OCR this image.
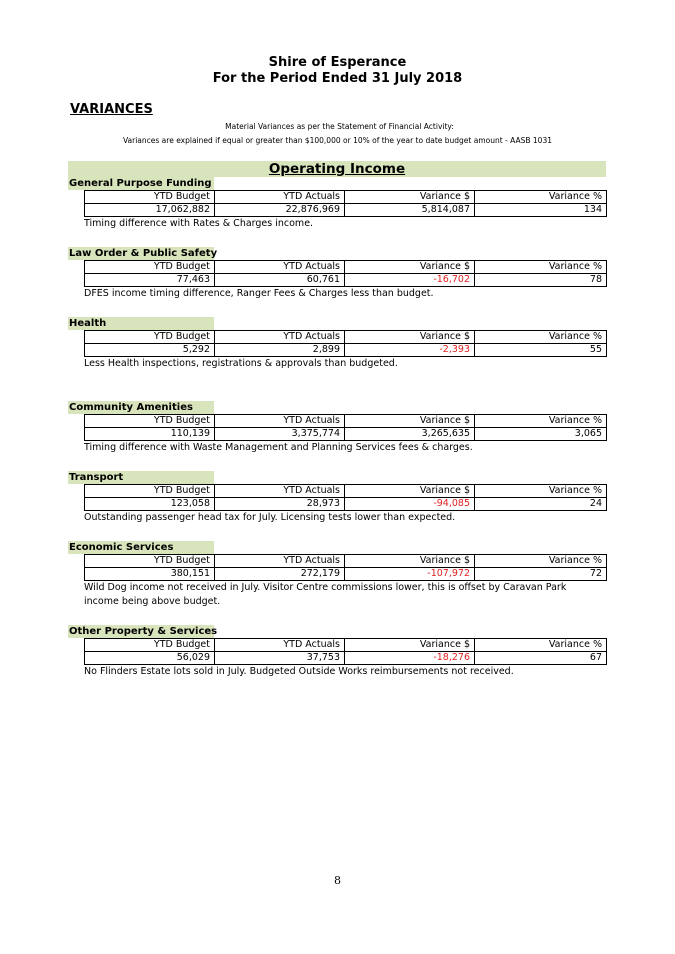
Shire of Esperance
For the Period Ended 31 July 2018
VARIANCES
Material Variances as per the Statement of Financial Activity:
Variances are explained if equal or greater than $100,000 or 10% of the year to date budget amount - AASB 1031
Operating Income
General Purpose Funding
YTD Budget	YTD Actuals	Variance $	Variance %
17,062,882	22,876,969	5,814,087	134
Timing difference with Rates & Charges income.
Law Order & Public Safety
YTD Budget	YTD Actuals	Variance $	Variance %
77,463	60,761	-16,702	78
DFES income timing difference, Ranger Fees & Charges less than budget.
Health
YTD Budget	YTD Actuals	Variance $	Variance %
5,292	2,899	-2,393	55
Less Health inspections, registrations & approvals than budgeted.
Community Amenities
YTD Budget	YTD Actuals	Variance $	Variance %
110,139	3,375,774	3,265,635	3,065
Timing difference with Waste Management and Planning Services fees & charges.
Transport
YTD Budget	YTD Actuals	Variance $	Variance %
123,058	28,973	-94,085	24
Outstanding passenger head tax for July. Licensing tests lower than expected.
Economic Services
YTD Budget	YTD Actuals	Variance $	Variance %
380,151	272,179	-107,972	72
Wild Dog income not received in July. Visitor Centre commissions lower, this is offset by Caravan Park income being above budget.
Other Property & Services
YTD Budget	YTD Actuals	Variance $	Variance %
56,029	37,753	-18,276	67
No Flinders Estate lots sold in July. Budgeted Outside Works reimbursements not received.
8
